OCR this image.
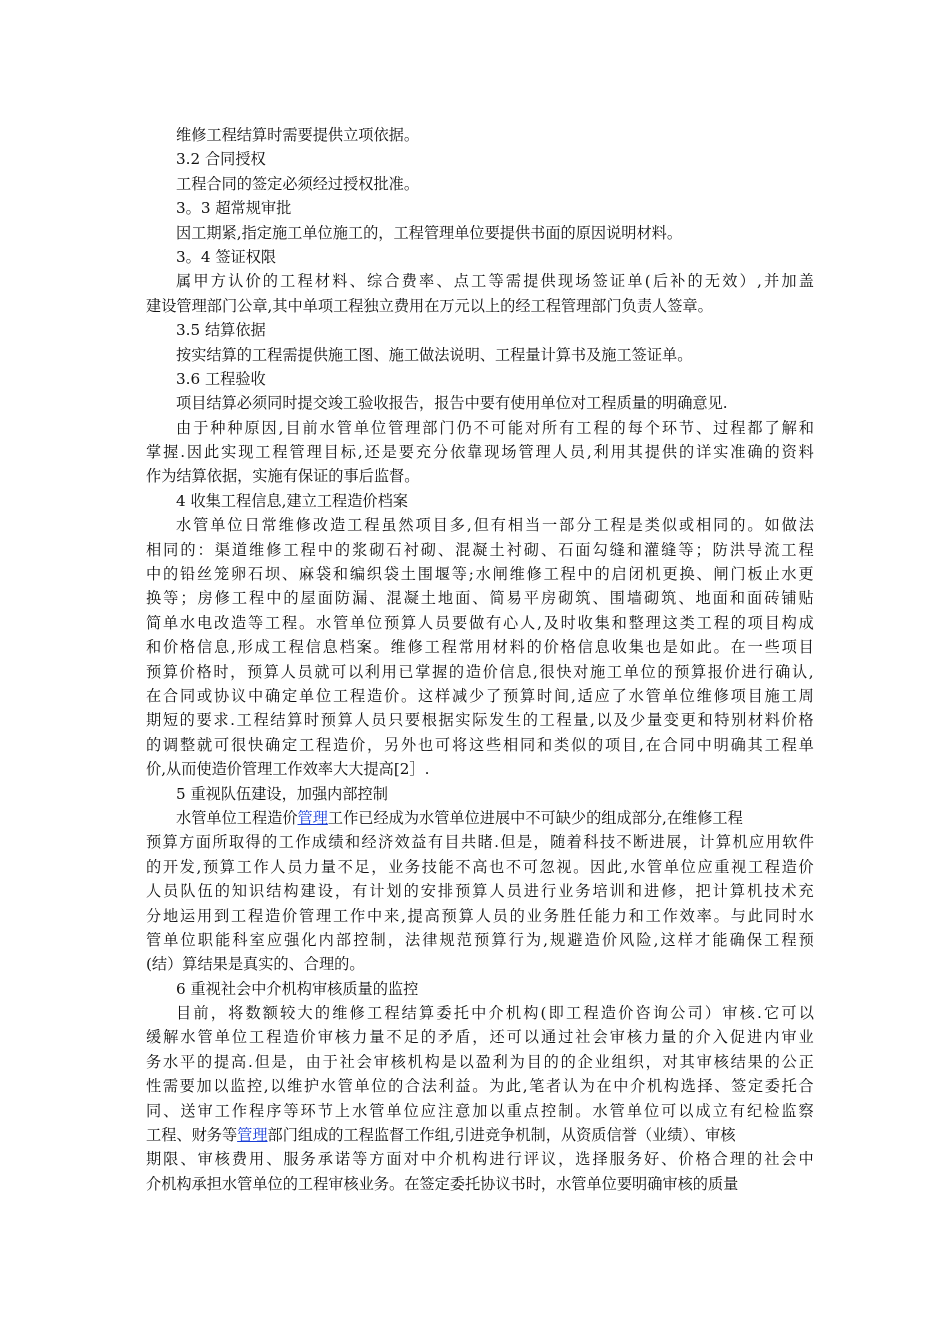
维修工程结算时需要提供立项依据。
3.2 合同授权
工程合同的签定必须经过授权批准。
3。3 超常规审批
因工期紧,指定施工单位施工的，工程管理单位要提供书面的原因说明材料。
3。4 签证权限
属 甲 方 认 价 的 工 程 材 料 、 综 合 费 率 、 点 工 等 需 提 供 现 场 签 证 单 ( 后 补 的 无 效 ） , 并 加 盖
建设管理部门公章,其中单项工程独立费用在万元以上的经工程管理部门负责人签章。
3.5 结算依据
按实结算的工程需提供施工图、施工做法说明、工程量计算书及施工签证单。
3.6 工程验收
项目结算必须同时提交竣工验收报告，报告中要有使用单位对工程质量的明确意见.
由 于 种 种 原 因 , 目 前 水 管 单 位 管 理 部 门 仍 不 可 能 对 所 有 工 程 的 每 个 环 节 、 过 程 都 了 解 和
掌 握 . 因 此 实 现 工 程 管 理 目 标 , 还 是 要 充 分 依 靠 现 场 管 理 人 员 , 利 用 其 提 供 的 详 实 准 确 的 资 料
作为结算依据，实施有保证的事后监督。
4 收集工程信息,建立工程造价档案
水 管 单 位 日 常 维 修 改 造 工 程 虽 然 项 目 多 , 但 有 相 当 一 部 分 工 程 是 类 似 或 相 同 的 。 如 做 法
相 同 的 ： 渠 道 维 修 工 程 中 的 浆 砌 石 衬 砌 、 混 凝 土 衬 砌 、 石 面 勾 缝 和 灌 缝 等 ； 防 洪 导 流 工 程
中 的 铅 丝 笼 卵 石 坝 、 麻 袋 和 编 织 袋 土 围 堰 等 ; 水 闸 维 修 工 程 中 的 启 闭 机 更 换 、 闸 门 板 止 水 更
换 等 ； 房 修 工 程 中 的 屋 面 防 漏 、 混 凝 土 地 面 、 简 易 平 房 砌 筑 、 围 墙 砌 筑 、 地 面 和 面 砖 铺 贴
简 单 水 电 改 造 等 工 程 。 水 管 单 位 预 算 人 员 要 做 有 心 人 , 及 时 收 集 和 整 理 这 类 工 程 的 项 目 构 成
和 价 格 信 息 , 形 成 工 程 信 息 档 案 。 维 修 工 程 常 用 材 料 的 价 格 信 息 收 集 也 是 如 此 。 在 一 些 项 目
预 算 价 格 时 ， 预 算 人 员 就 可 以 利 用 已 掌 握 的 造 价 信 息 , 很 快 对 施 工 单 位 的 预 算 报 价 进 行 确 认 ,
在 合 同 或 协 议 中 确 定 单 位 工 程 造 价 。 这 样 减 少 了 预 算 时 间 , 适 应 了 水 管 单 位 维 修 项 目 施 工 周
期 短 的 要 求 . 工 程 结 算 时 预 算 人 员 只 要 根 据 实 际 发 生 的 工 程 量 , 以 及 少 量 变 更 和 特 别 材 料 价 格
的 调 整 就 可 很 快 确 定 工 程 造 价 ， 另 外 也 可 将 这 些 相 同 和 类 似 的 项 目 , 在 合 同 中 明 确 其 工 程 单
价,从而使造价管理工作效率大大提高[2］.
5 重视队伍建设，加强内部控制
水管单位工程造价管理工作已经成为水管单位进展中不可缺少的组成部分,在维修工程
预 算 方 面 所 取 得 的 工 作 成 绩 和 经 济 效 益 有 目 共 睹 . 但 是 ， 随 着 科 技 不 断 进 展 ， 计 算 机 应 用 软 件
的 开 发 , 预 算 工 作 人 员 力 量 不 足 ， 业 务 技 能 不 高 也 不 可 忽 视 。 因 此 , 水 管 单 位 应 重 视 工 程 造 价
人 员 队 伍 的 知 识 结 构 建 设 ， 有 计 划 的 安 排 预 算 人 员 进 行 业 务 培 训 和 进 修 ， 把 计 算 机 技 术 充
分 地 运 用 到 工 程 造 价 管 理 工 作 中 来 , 提 高 预 算 人 员 的 业 务 胜 任 能 力 和 工 作 效 率 。 与 此 同 时 水
管 单 位 职 能 科 室 应 强 化 内 部 控 制 ， 法 律 规 范 预 算 行 为 , 规 避 造 价 风 险 , 这 样 才 能 确 保 工 程 预
(结）算结果是真实的、合理的。
6 重视社会中介机构审核质量的监控
目 前 ， 将 数 额 较 大 的 维 修 工 程 结 算 委 托 中 介 机 构 ( 即 工 程 造 价 咨 询 公 司 ） 审 核 . 它 可 以
缓 解 水 管 单 位 工 程 造 价 审 核 力 量 不 足 的 矛 盾 ， 还 可 以 通 过 社 会 审 核 力 量 的 介 入 促 进 内 审 业
务 水 平 的 提 高 . 但 是 ， 由 于 社 会 审 核 机 构 是 以 盈 利 为 目 的 的 企 业 组 织 ， 对 其 审 核 结 果 的 公 正
性 需 要 加 以 监 控 , 以 维 护 水 管 单 位 的 合 法 利 益 。 为 此 , 笔 者 认 为 在 中 介 机 构 选 择 、 签 定 委 托 合
同 、 送 审 工 作 程 序 等 环 节 上 水 管 单 位 应 注 意 加 以 重 点 控 制 。 水 管 单 位 可 以 成 立 有 纪 检 监 察
工程、财务等管理部门组成的工程监督工作组,引进竞争机制，从资质信誉（业绩）、审核
期 限 、 审 核 费 用 、 服 务 承 诺 等 方 面 对 中 介 机 构 进 行 评 议 ， 选 择 服 务 好 、 价 格 合 理 的 社 会 中
介机构承担水管单位的工程审核业务。在签定委托协议书时，水管单位要明确审核的质量
